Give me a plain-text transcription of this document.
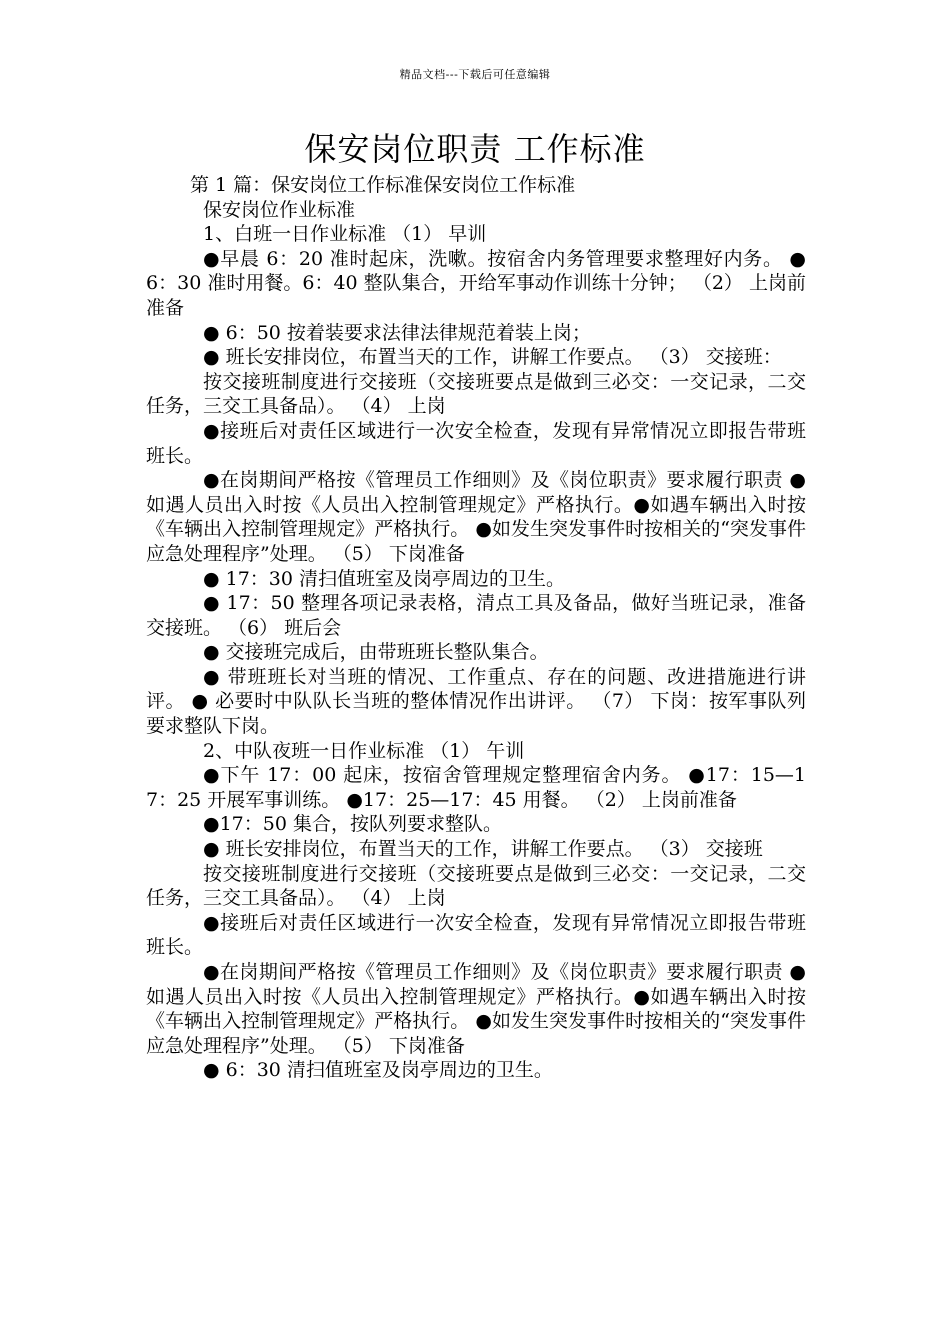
精品文档---下载后可任意编辑
保安岗位职责 工作标准

第 1 篇：保安岗位工作标准保安岗位工作标准

保安岗位作业标准

1、白班一日作业标准 （1） 早训

●早晨 6：20 准时起床，洗嗽。按宿舍内务管理要求整理好内务。 ●6：30 准时用餐。6：40 整队集合，开给军事动作训练十分钟； （2） 上岗前准备

● 6：50 按着装要求法律法律规范着装上岗；

● 班长安排岗位，布置当天的工作，讲解工作要点。 （3） 交接班：

按交接班制度进行交接班（交接班要点是做到三必交：一交记录，二交任务，三交工具备品）。 （4） 上岗

●接班后对责任区域进行一次安全检查，发现有异常情况立即报告带班班长。

●在岗期间严格按《管理员工作细则》及《岗位职责》要求履行职责 ●如遇人员出入时按《人员出入控制管理规定》严格执行。●如遇车辆出入时按《车辆出入控制管理规定》严格执行。 ●如发生突发事件时按相关的“突发事件应急处理程序”处理。 （5） 下岗准备

● 17：30 清扫值班室及岗亭周边的卫生。

● 17：50 整理各项记录表格，清点工具及备品，做好当班记录，准备交接班。 （6） 班后会

● 交接班完成后，由带班班长整队集合。

● 带班班长对当班的情况、工作重点、存在的问题、改进措施进行讲评。 ● 必要时中队队长当班的整体情况作出讲评。 （7） 下岗：按军事队列要求整队下岗。

2、中队夜班一日作业标准 （1） 午训

●下午 17：00 起床，按宿舍管理规定整理宿舍内务。 ●17：15—17：25 开展军事训练。 ●17：25—17：45 用餐。 （2） 上岗前准备

●17：50 集合，按队列要求整队。

● 班长安排岗位，布置当天的工作，讲解工作要点。 （3） 交接班

按交接班制度进行交接班（交接班要点是做到三必交：一交记录，二交任务，三交工具备品）。 （4） 上岗

●接班后对责任区域进行一次安全检查，发现有异常情况立即报告带班班长。

●在岗期间严格按《管理员工作细则》及《岗位职责》要求履行职责 ●如遇人员出入时按《人员出入控制管理规定》严格执行。●如遇车辆出入时按《车辆出入控制管理规定》严格执行。 ●如发生突发事件时按相关的“突发事件应急处理程序”处理。 （5） 下岗准备

● 6：30 清扫值班室及岗亭周边的卫生。
